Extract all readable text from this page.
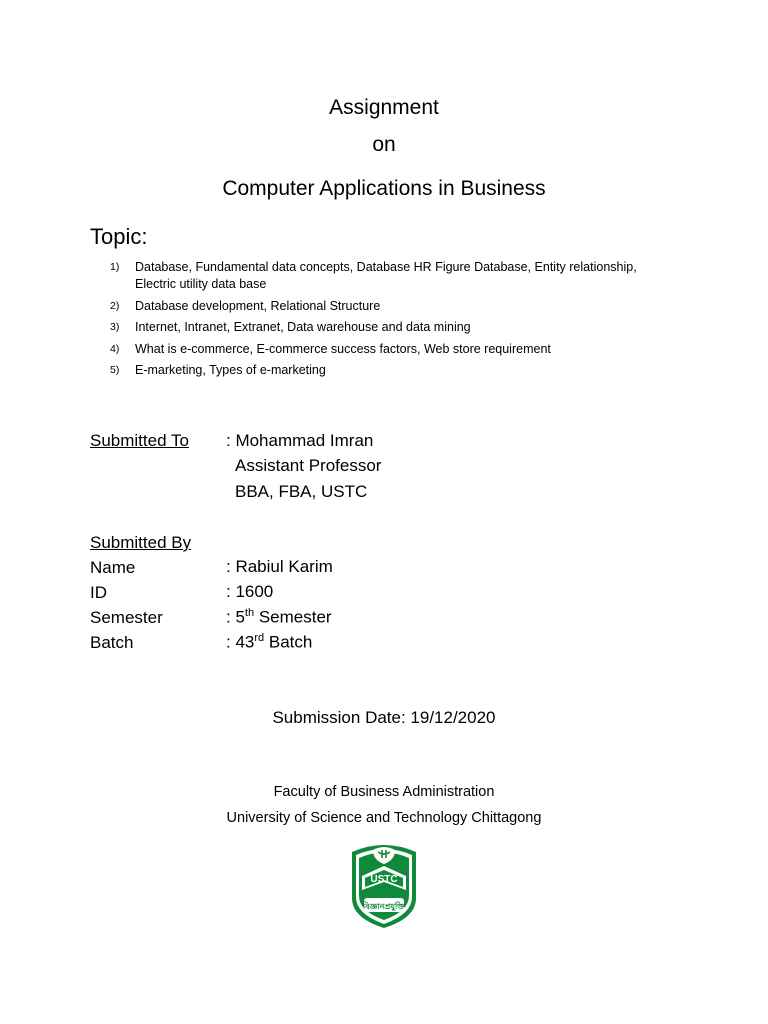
Assignment
on
Computer Applications in Business
Topic:
1) Database, Fundamental data concepts, Database HR Figure Database, Entity relationship,
Electric utility data base
2) Database development, Relational Structure
3) Internet, Intranet, Extranet, Data warehouse and data mining
4) What is e-commerce, E-commerce success factors, Web store requirement
5) E-marketing, Types of e-marketing
Submitted To : Mohammad Imran
Assistant Professor
BBA, FBA, USTC
Submitted By
Name	: Rabiul Karim
ID	: 1600
Semester	: 5th Semester
Batch	: 43rd Batch
Submission Date: 19/12/2020
Faculty of Business Administration
University of Science and Technology Chittagong
USTC
বিজ্ঞানপ্রযুক্তি
